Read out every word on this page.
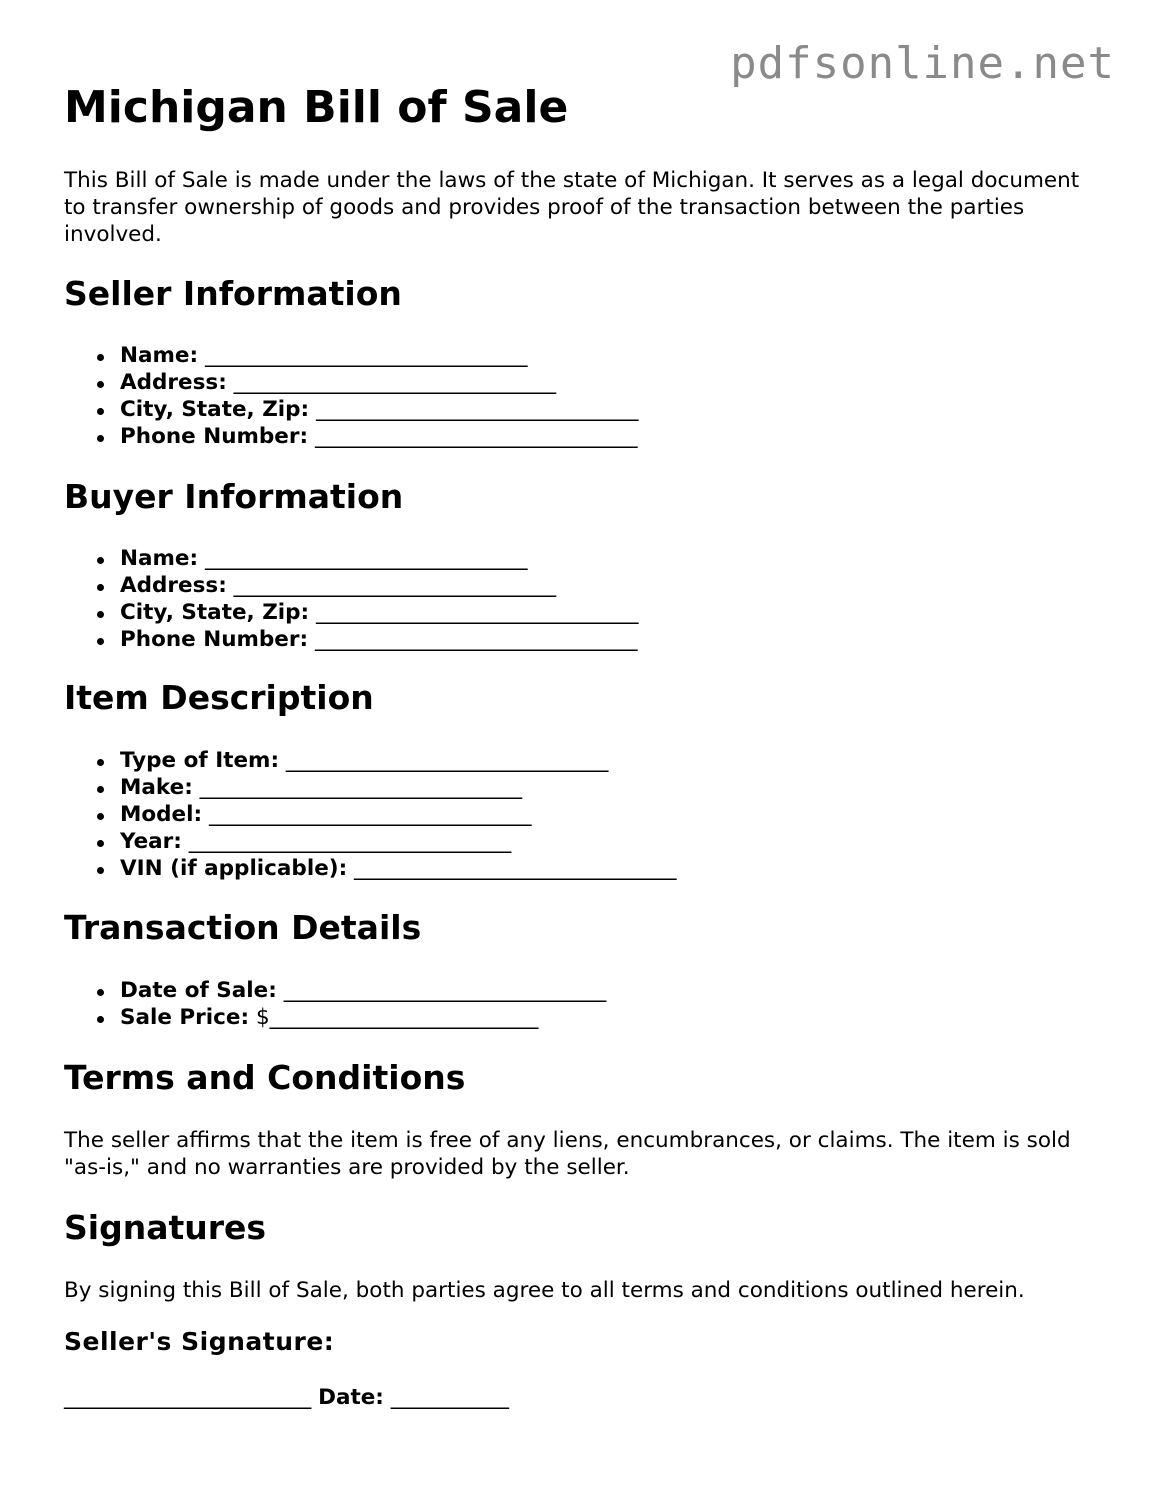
pdfsonline.net
Michigan Bill of Sale

This Bill of Sale is made under the laws of the state of Michigan. It serves as a legal document to transfer ownership of goods and provides proof of the transaction between the parties involved.

Seller Information
Name: ______________________________
Address: ______________________________
City, State, Zip: ______________________________
Phone Number: ______________________________
Buyer Information
Name: ______________________________
Address: ______________________________
City, State, Zip: ______________________________
Phone Number: ______________________________
Item Description
Type of Item: ______________________________
Make: ______________________________
Model: ______________________________
Year: ______________________________
VIN (if applicable): ______________________________
Transaction Details
Date of Sale: ______________________________
Sale Price: $_________________________
Terms and Conditions

The seller affirms that the item is free of any liens, encumbrances, or claims. The item is sold "as-is," and no warranties are provided by the seller.

Signatures

By signing this Bill of Sale, both parties agree to all terms and conditions outlined herein.

Seller's Signature:
_______________________ Date: ___________
